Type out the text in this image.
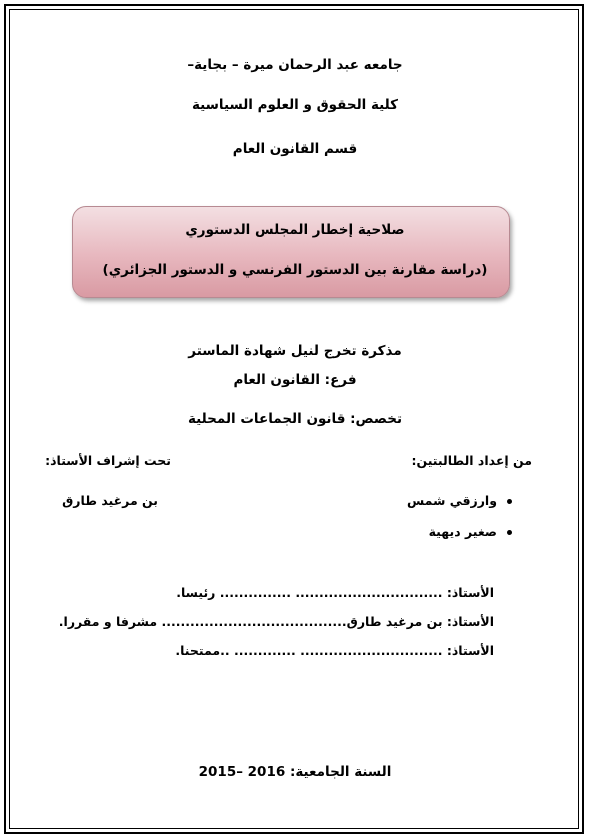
جامعه عبد الرحمان ميرة – بجاية–
كلية الحقوق و العلوم السياسية
قسم القانون العام
صلاحية إخطار المجلس الدستوري
(دراسة مقارنة بين الدستور الفرنسي و الدستور الجزائري)
مذكرة تخرج لنيل شهادة الماستر
فرع: القانون العام
تخصص: قانون الجماعات المحلية
من إعداد الطالبتين:
تحت إشراف الأستاذ:
وارزقي شمس
بن مرغيد طارق
صغير ديهية
الأستاذ: ............................... ............... رئيسا.
الأستاذ: بن مرغيد طارق....................................... مشرفا و مقررا.
الأستاذ: .............................. ............. ..ممتحنا.
السنة الجامعية: 2015– 2016
